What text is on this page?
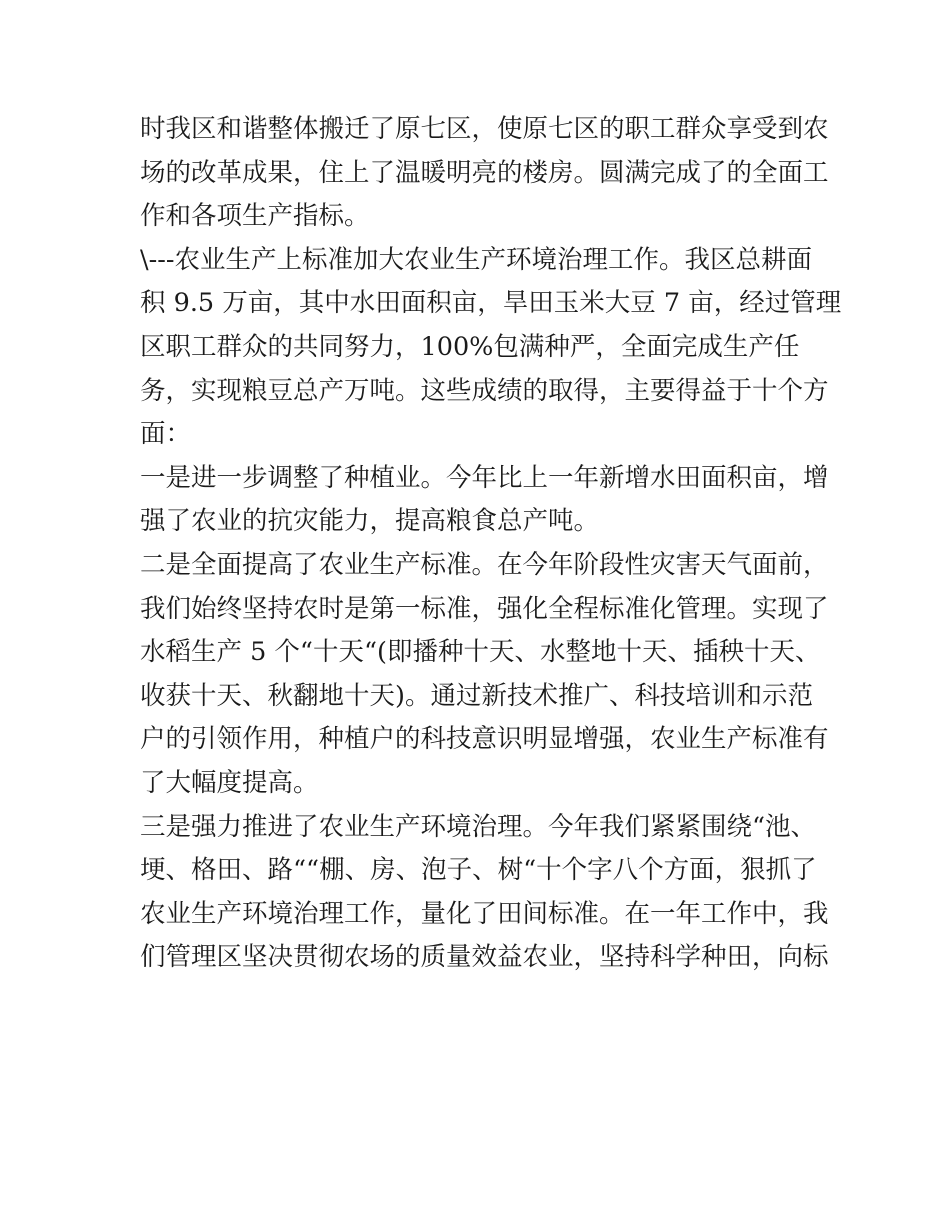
时我区和谐整体搬迁了原七区，使原七区的职工群众享受到农
场的改革成果，住上了温暖明亮的楼房。圆满完成了的全面工
作和各项生产指标。
\---农业生产上标准加大农业生产环境治理工作。我区总耕面
积 9.5 万亩，其中水田面积亩，旱田玉米大豆 7 亩，经过管理
区职工群众的共同努力，100%包满种严，全面完成生产任
务，实现粮豆总产万吨。这些成绩的取得，主要得益于十个方
面：
一是进一步调整了种植业。今年比上一年新增水田面积亩，增
强了农业的抗灾能力，提高粮食总产吨。
二是全面提高了农业生产标准。在今年阶段性灾害天气面前，
我们始终坚持农时是第一标准，强化全程标准化管理。实现了
水稻生产 5 个“十天“(即播种十天、水整地十天、插秧十天、
收获十天、秋翻地十天)。通过新技术推广、科技培训和示范
户的引领作用，种植户的科技意识明显增强，农业生产标准有
了大幅度提高。
三是强力推进了农业生产环境治理。今年我们紧紧围绕“池、
埂、格田、路““棚、房、泡子、树“十个字八个方面，狠抓了
农业生产环境治理工作，量化了田间标准。在一年工作中，我
们管理区坚决贯彻农场的质量效益农业，坚持科学种田，向标
